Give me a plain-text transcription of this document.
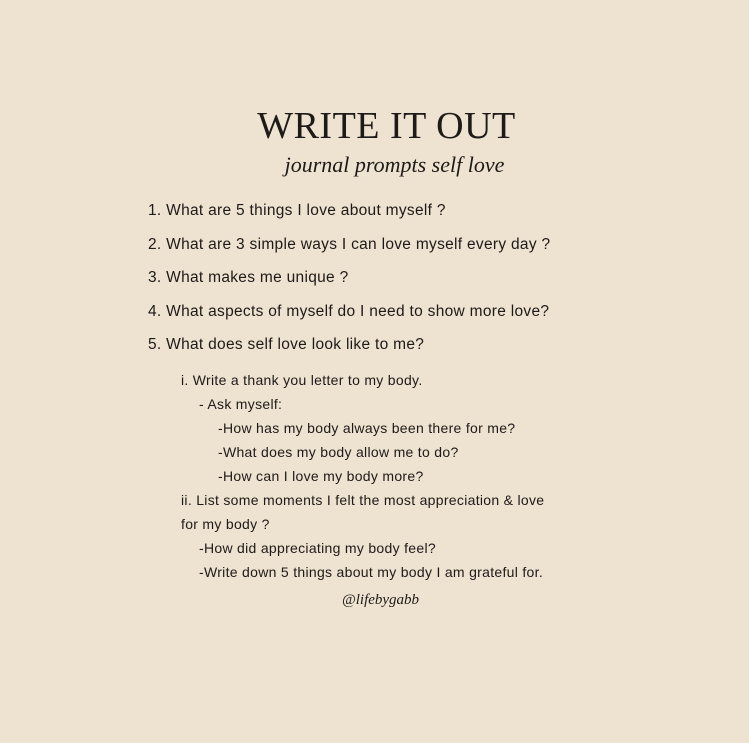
WRITE IT OUT
journal prompts self love
1. What are 5 things I love about myself ?
2. What are 3 simple ways I can love myself every day ?
3. What makes me unique ?
4. What aspects of myself do I need to show more love?
5. What does self love look like to me?
i. Write a thank you letter to my body.
- Ask myself:
-How has my body always been there for me?
-What does my body allow me to do?
-How can I love my body more?
ii. List some moments I felt the most appreciation & love
for my body ?
-How did appreciating my body feel?
-Write down 5 things about my body I am grateful for.
@lifebygabb
